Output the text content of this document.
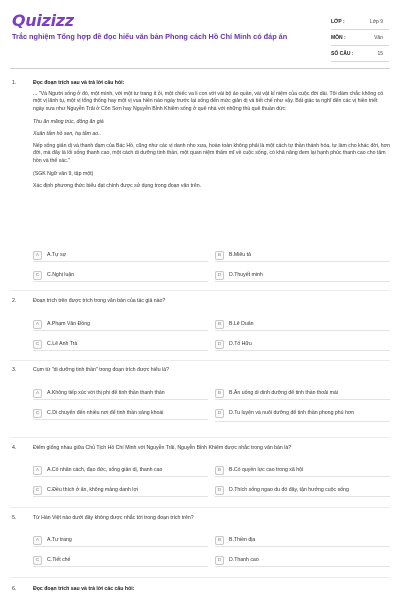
Quizizz
Trắc nghiệm Tổng hợp đề đọc hiểu văn bản Phong cách Hồ Chí Minh có đáp án
LỚP :	Lớp 9
MÔN :	Văn
SỐ CÂU :	15
1.	Đọc đoạn trích sau và trả lời câu hỏi:
... "Và Người sống ở đó, một mình, với một tư trang ít ỏi, một chiếc va li con với vài bộ áo quần, vài vật kỉ niệm của cuộc đời dài. Tôi dám chắc không có một vị lãnh tụ, một vị tổng thống hay một vị vua hiền nào ngày trước lại sống đến mức giản dị và tiết chế như vậy. Bất giác ta nghĩ đến các vị hiền triết ngày xưa như Nguyễn Trãi ở Côn Sơn hay Nguyễn Bỉnh Khiêm sống ở quê nhà với những thú quê thuần đức:
Thu ăn măng trúc, đông ăn giá
Xuân tắm hồ sen, hạ tắm ao..
Nếp sống giản dị và thanh đạm của Bác Hồ, cũng như các vị danh nho xưa, hoàn toàn không phải là một cách tự thần thánh hóa, tự làm cho khác đời, hơn đời, mà đây là lối sống thanh cao, một cách di dưỡng tinh thần, một quan niệm thẩm mĩ về cuộc sống, có khả năng đem lại hạnh phúc thanh cao cho tâm hồn và thể xác."
(SGK Ngữ văn 9, tập một)
Xác định phương thức biểu đạt chính được sử dụng trong đoạn văn trên.
A	A.Tự sự	B	B.Miêu tả
C	C.Nghị luận	D	D.Thuyết minh
2.	Đoạn trích trên được trích trong văn bản của tác giả nào?
A	A.Phạm Văn Đồng	B	B.Lê Duẩn
C	C.Lê Anh Trà	D	D.Tố Hữu
3.	Cụm từ "di dưỡng tinh thần" trong đoạn trích được hiểu là?
A	A.Không tiếp xúc với thị phi để tinh thần thanh thản	B	B.Ăn uống di dinh dưỡng để tinh thần thoải mái
C	C.Di chuyển đến nhiều nơi để tinh thần sảng khoái	D	D.Tu luyện và nuôi dưỡng để tinh thần phong phú hơn
4.	Điểm giống nhau giữa Chủ Tịch Hồ Chí Minh với Nguyễn Trãi, Nguyễn Bỉnh Khiêm được nhắc trong văn bản là?
A	A.Có nhân cách, đạo đức, sống giản dị, thanh cao	B	B.Có quyền lực cao trong xã hội
C	C.Đều thích ở ẩn, không màng danh lợi	D	D.Thích sống ngao du đó đây, tận hưởng cuộc sống
5.	Từ Hán Việt nào dưới đây không được nhắc tới trong đoạn trích trên?
A	A.Tư trang	B	B.Thiền địa
C	C.Tiết chế	D	D.Thanh cao
6.	Đọc đoạn trích sau và trả lời các câu hỏi:
